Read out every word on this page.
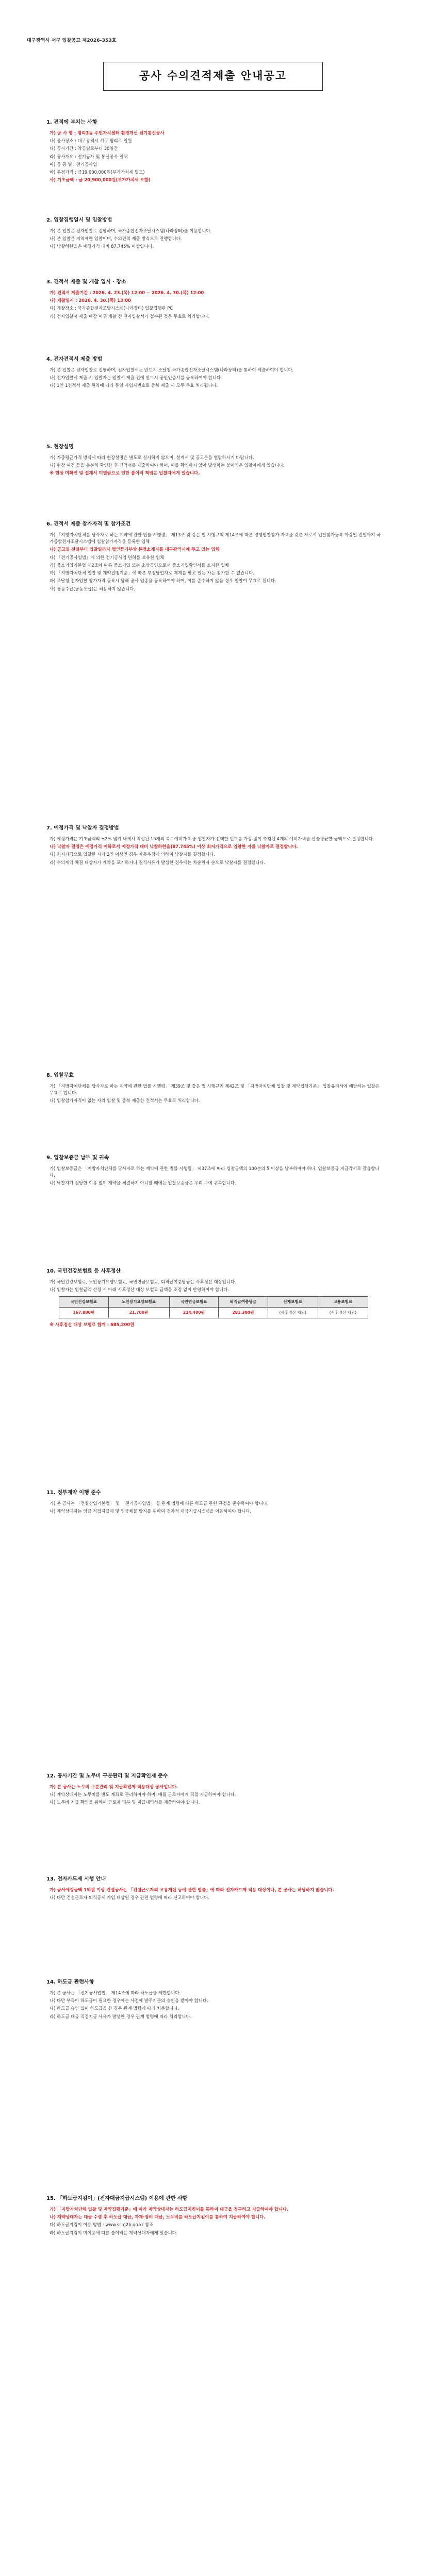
대구광역시 서구 입찰공고 제2026-353호
공사 수의견적제출 안내공고
1. 견적에 부치는 사항
가) 공 사 명 : 평리3동 주민자치센터 환경개선 전기통신공사
나) 공사장소 : 대구광역시 서구 평리로 일원
다) 공사기간 : 착공일로부터 30일간
라) 공사개요 : 전기공사 및 통신공사 일체
마) 공 종 별 : 전기공사업
바) 추정가격 : 금19,000,000원(부가가치세 별도)
사) 기초금액 : 금 20,900,000원(부가가치세 포함)
2. 입찰집행일시 및 입찰방법
가) 본 입찰은 전자입찰로 집행하며, 국가종합전자조달시스템(나라장터)을 이용합니다.
나) 본 입찰은 지역제한 입찰이며, 수의견적 제출 방식으로 진행합니다.
다) 낙찰하한율은 예정가격 대비 87.745% 이상입니다.
3. 견적서 제출 및 개찰 일시 · 장소
가) 견적서 제출기간 : 2026. 4. 23.(목) 12:00 ~ 2026. 4. 30.(목) 12:00
나) 개찰일시 : 2026. 4. 30.(목) 13:00
다) 개찰장소 : 국가종합전자조달시스템(나라장터) 입찰집행관 PC
라) 전자입찰서 제출 마감 이후 개찰 전 전자입찰서가 접수된 것은 무효로 처리합니다.
4. 전자견적서 제출 방법
가) 본 입찰은 전자입찰로 집행하며, 전자입찰서는 반드시 조달청 국가종합전자조달시스템(나라장터)을 통하여 제출하여야 합니다.
나) 전자입찰서 제출 시 입찰자는 입찰서 제출 전에 반드시 공인인증서를 등록하여야 합니다.
다) 1인 1견적서 제출 원칙에 따라 동일 사업자번호로 중복 제출 시 모두 무효 처리됩니다.
5. 현장설명
가) 가중평균가격 방식에 따라 현장설명은 별도로 실시하지 않으며, 설계서 및 공고문을 열람하시기 바랍니다.
나) 현장 여건 등을 충분히 확인한 후 견적서를 제출하여야 하며, 이를 확인하지 않아 발생하는 불이익은 입찰자에게 있습니다.
※ 현장 미확인 및 설계서 미열람으로 인한 불이익 책임은 입찰자에게 있습니다.
6. 견적서 제출 참가자격 및 참가조건
가) 「지방자치단체를 당사자로 하는 계약에 관한 법률 시행령」 제13조 및 같은 법 시행규칙 제14조에 따른 경쟁입찰참가 자격을 갖춘 자로서 입찰참가등록 마감일 전일까지 국가종합전자조달시스템에 입찰참가자격을 등록한 업체
나) 공고일 전일부터 입찰일까지 법인등기부상 본점소재지를 대구광역시에 두고 있는 업체
다) 「전기공사업법」에 의한 전기공사업 면허를 보유한 업체
라) 중소기업기본법 제2조에 따른 중소기업 또는 소상공인으로서 중소기업확인서를 소지한 업체
마) 「지방자치단체 입찰 및 계약집행기준」에 따른 부정당업자로 제재를 받고 있는 자는 참가할 수 없습니다.
바) 조달청 전자입찰 참가자격 등록시 당해 공사 업종을 등록하여야 하며, 이를 준수하지 않을 경우 입찰이 무효로 됩니다.
사) 공동수급(공동도급)은 허용하지 않습니다.
7. 예정가격 및 낙찰자 결정방법
가) 예정가격은 기초금액의 ±2% 범위 내에서 작성된 15개의 복수예비가격 중 입찰자가 선택한 번호를 가장 많이 추첨된 4개의 예비가격을 산술평균한 금액으로 결정합니다.
나) 낙찰자 결정은 예정가격 이하로서 예정가격 대비 낙찰하한율(87.745%) 이상 최저가격으로 입찰한 자를 낙찰자로 결정합니다.
다) 최저가격으로 입찰한 자가 2인 이상인 경우 자동추첨에 의하여 낙찰자를 결정합니다.
라) 수의계약 체결 대상자가 계약을 포기하거나 결격사유가 발생한 경우에는 차순위자 순으로 낙찰자를 결정합니다.
8. 입찰무효
가) 「지방자치단체를 당사자로 하는 계약에 관한 법률 시행령」 제39조 및 같은 법 시행규칙 제42조 및 「지방자치단체 입찰 및 계약집행기준」 입찰유의서에 해당하는 입찰은 무효로 합니다.
나) 입찰참가자격이 없는 자의 입찰 및 중복 제출한 견적서는 무효로 처리합니다.
9. 입찰보증금 납부 및 귀속
가) 입찰보증금은 「지방자치단체를 당사자로 하는 계약에 관한 법률 시행령」 제37조에 따라 입찰금액의 100분의 5 이상을 납부하여야 하나, 입찰보증금 지급각서로 갈음합니다.
나) 낙찰자가 정당한 이유 없이 계약을 체결하지 아니할 때에는 입찰보증금은 우리 구에 귀속합니다.
10. 국민건강보험료 등 사후정산
가) 국민건강보험료, 노인장기요양보험료, 국민연금보험료, 퇴직급여충당금은 사후정산 대상입니다.
나) 입찰자는 입찰금액 산정 시 아래 사후정산 대상 보험료 금액을 조정 없이 반영하여야 합니다.
국민건강보험료	노인장기요양보험료	국민연금보험료	퇴직급여충당금	산재보험료	고용보험료
167,800원	21,700원	214,400원	281,300원	(사후정산 제외)	(사후정산 제외)
※ 사후정산 대상 보험료 합계 : 685,200원
11. 정부계약 이행 준수
가) 본 공사는 「건설산업기본법」 및 「전기공사업법」 등 관계 법령에 따른 하도급 관련 규정을 준수하여야 합니다.
나) 계약상대자는 임금 직접지급제 및 임금체불 방지를 위하여 전자적 대금지급시스템을 이용하여야 합니다.
12. 공사기간 및 노무비 구분관리 및 지급확인제 준수
가) 본 공사는 노무비 구분관리 및 지급확인제 적용대상 공사입니다.
나) 계약상대자는 노무비를 별도 계좌로 관리하여야 하며, 매월 근로자에게 직접 지급하여야 합니다.
다) 노무비 지급 확인을 위하여 근로자 명부 및 지급내역서를 제출하여야 합니다.
13. 전자카드제 시행 안내
가) 공사예정금액 1억원 이상 건설공사는 「건설근로자의 고용개선 등에 관한 법률」에 따라 전자카드제 적용 대상이나, 본 공사는 해당하지 않습니다.
나) 다만 건설근로자 퇴직공제 가입 대상일 경우 관련 법령에 따라 신고하여야 합니다.
14. 하도급 관련사항
가) 본 공사는 「전기공사업법」 제14조에 따라 하도급을 제한합니다.
나) 다만 부득이 하도급이 필요한 경우에는 사전에 발주기관의 승인을 받아야 합니다.
다) 하도급 승인 없이 하도급을 한 경우 관계 법령에 따라 처분합니다.
라) 하도급 대금 직접지급 사유가 발생한 경우 관계 법령에 따라 처리합니다.
15. 「하도급지킴이」(전자대금지급시스템) 이용에 관한 사항
가) 「지방자치단체 입찰 및 계약집행기준」에 따라 계약상대자는 하도급지킴이를 통하여 대금을 청구하고 지급하여야 합니다.
나) 계약상대자는 대금 수령 후 하도급 대금, 자재·장비 대금, 노무비를 하도급지킴이를 통하여 지급하여야 합니다.
다) 하도급지킴이 이용 방법 : www.sc.g2b.go.kr 참조
라) 하도급지킴이 미이용에 따른 불이익은 계약상대자에게 있습니다.
